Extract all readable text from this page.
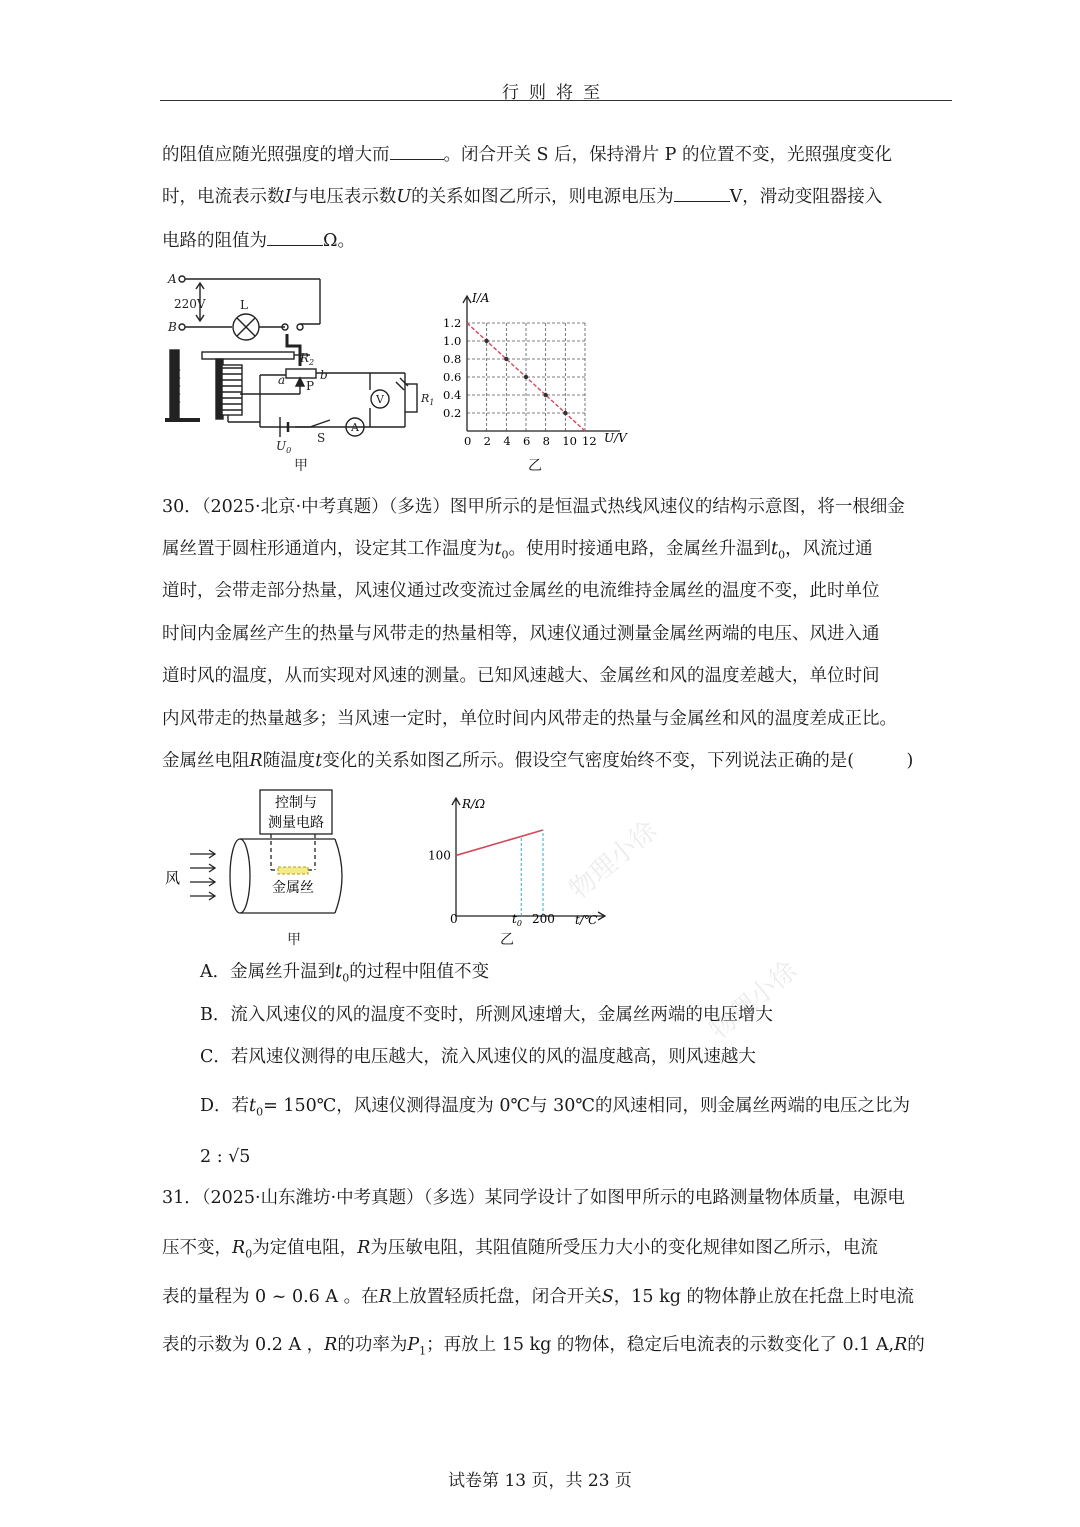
行则将至
物理小徐
物理小徐
的阻值应随光照强度的增大而	。闭合开关 S 后，保持滑片 P 的位置不变，光照强度变化
时，电流表示数I与电压表示数U的关系如图乙所示，则电源电压为	V，滑动变阻器接入
电路的阻值为	Ω。
A
B
220V	L
$R_2$
a	b
P
V	$R_1$
$U_0$
S
A
甲
I/A
U/V
0 2 4 6 8 10 12
0.2
0.4
0.6
0.8
1.0
1.2
乙
30．（2025·北京·中考真题）（多选）图甲所示的是恒温式热线风速仪的结构示意图，将一根细金
属丝置于圆柱形通道内，设定其工作温度为$t_0$。使用时接通电路，金属丝升温到$t_0$，风流过通
道时，会带走部分热量，风速仪通过改变流过金属丝的电流维持金属丝的温度不变，此时单位
时间内金属丝产生的热量与风带走的热量相等，风速仪通过测量金属丝两端的电压、风进入通
道时风的温度，从而实现对风速的测量。已知风速越大、金属丝和风的温度差越大，单位时间
内风带走的热量越多；当风速一定时，单位时间内风带走的热量与金属丝和风的温度差成正比。
金属丝电阻R随温度t变化的关系如图乙所示。假设空气密度始终不变，下列说法正确的是(　　　)
控制与
测量电路
金属丝
风
甲
R/Ω
t/℃
100
0	$t_0$ 200
乙
A．金属丝升温到$t_0$的过程中阻值不变
B．流入风速仪的风的温度不变时，所测风速增大，金属丝两端的电压增大
C．若风速仪测得的电压越大，流入风速仪的风的温度越高，则风速越大
D．若$t_0=$ 150℃，风速仪测得温度为 0℃与 30℃的风速相同，则金属丝两端的电压之比为
2 : √5
31．（2025·山东潍坊·中考真题）（多选）某同学设计了如图甲所示的电路测量物体质量，电源电
压不变，$R_0$为定值电阻，R为压敏电阻，其阻值随所受压力大小的变化规律如图乙所示，电流
表的量程为 0 ~ 0.6 A 。在R上放置轻质托盘，闭合开关S，15 kg 的物体静止放在托盘上时电流
表的示数为 0.2 A ，R的功率为$P_1$；再放上 15 kg 的物体，稳定后电流表的示数变化了 0.1 A,R的
试卷第 13 页，共 23 页
